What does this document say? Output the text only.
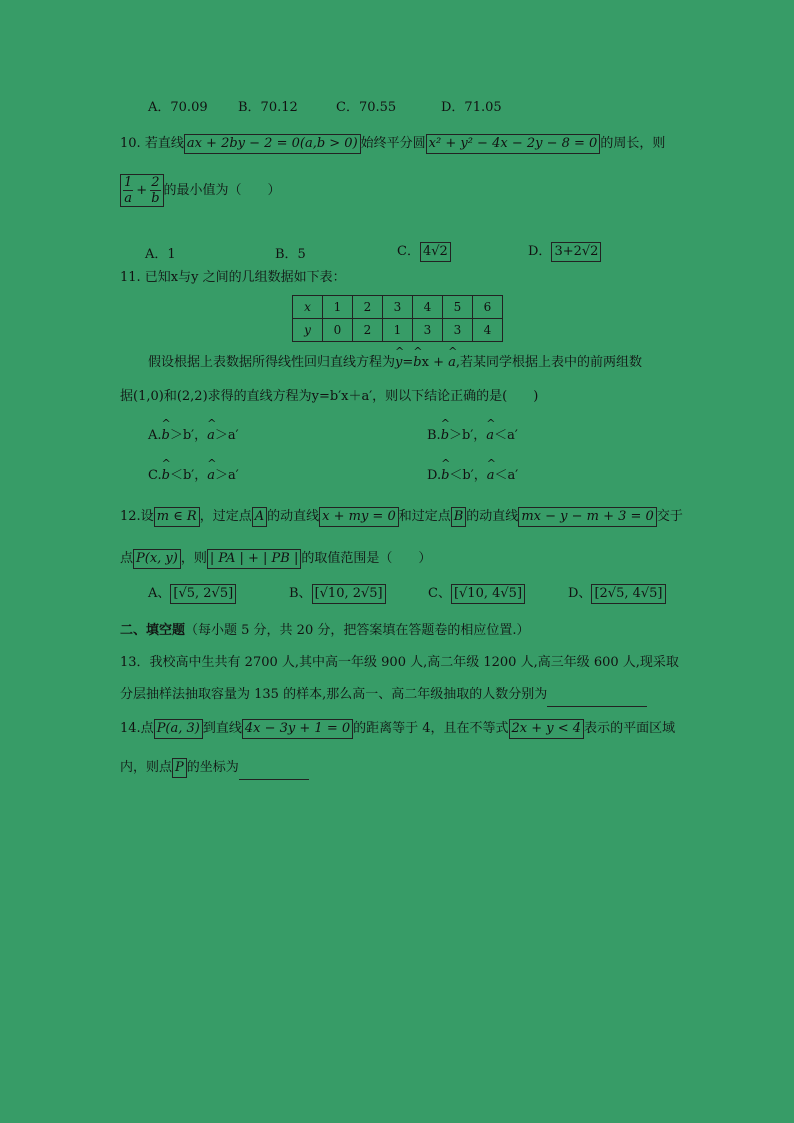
A．70.09 B．70.12	C．70.55	D．71.05
10. 若直线 ax + 2by − 2 = 0(a,b > 0) 始终平分圆 x² + y² − 4x − 2y − 8 = 0 的周长，则
$\frac{1}{a} + \frac{2}{b}$ 的最小值为（　　）
A．1	B．5	C． 4√2	D． 3+2√2
11. 已知x与y 之间的几组数据如下表：
x	1	2	3	4	5	6
y	0	2	1	3	3	4
假设根据上表数据所得线性回归直线方程为^ y=^ bx + ^ a,若某同学根据上表中的前两组数
据(1,0)和(2,2)求得的直线方程为y=b′x＋a′，则以下结论正确的是(　　)
A.^ b＞b′，^ a＞a′	B.^ b＞b′，^ a＜a′
C.^ b＜b′，^ a＞a′	D.^ b＜b′，^ a＜a′
12.设 m ∈ R ，过定点 A 的动直线 x + my = 0 和过定点 B 的动直线 mx − y − m + 3 = 0 交于
点 P(x, y) ，则 | PA | + | PB | 的取值范围是（　　）
A、 [√5, 2√5]	B、 [√10, 2√5]	C、 [√10, 4√5]	D、 [2√5, 4√5]
二、填空题（每小题 5 分，共 20 分，把答案填在答题卷的相应位置.）
13．我校高中生共有 2700 人,其中高一年级 900 人,高二年级 1200 人,高三年级 600 人,现采取
分层抽样法抽取容量为 135 的样本,那么高一、高二年级抽取的人数分别为
14.点 P(a, 3) 到直线 4x − 3y + 1 = 0 的距离等于 4，且在不等式 2x + y < 4 表示的平面区域
内，则点 P 的坐标为
